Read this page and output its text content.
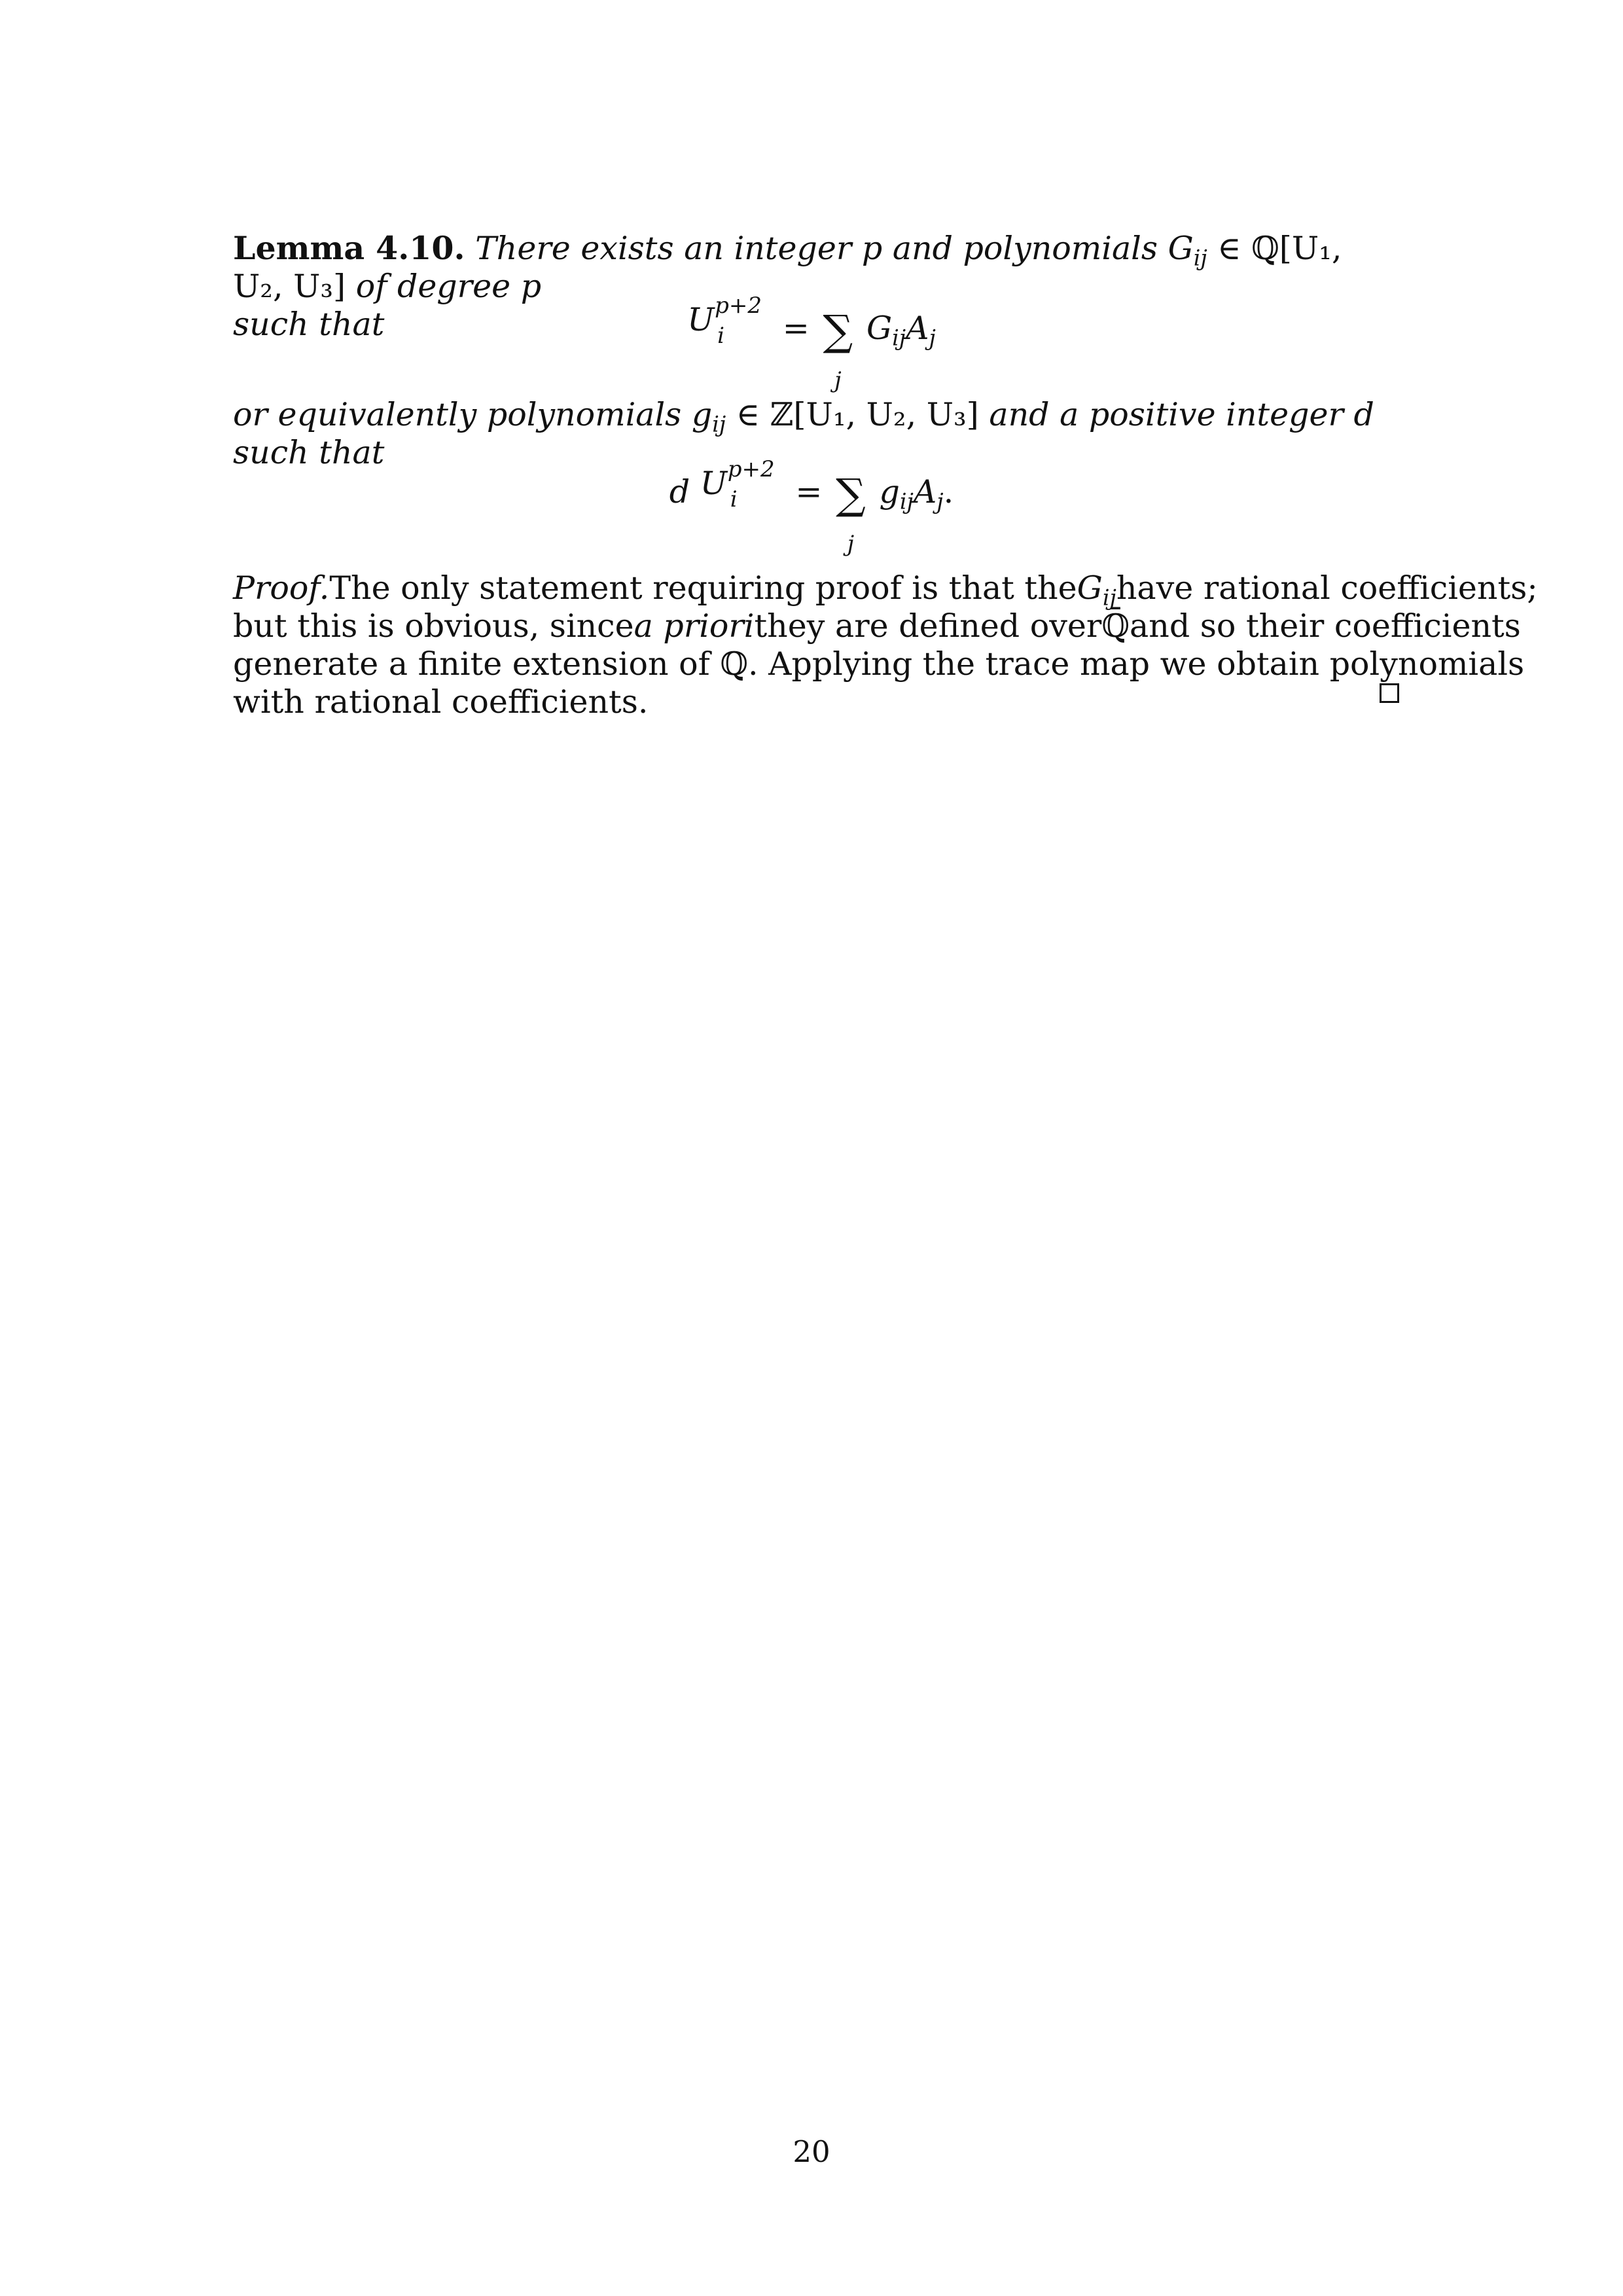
Lemma 4.10. There exists an integer p and polynomials $G_{ij}$ ∈ ℚ[U₁, U₂, U₃] of degree p
such that	U p+2
i = ∑
j
$G_{ij}A_j$
or equivalently polynomials $g_{ij}$ ∈ ℤ[U₁, U₂, U₃] and a positive integer d such that
d U p+2
i = ∑
j
$g_{ij}A_j$.
Proof. The only statement requiring proof is that the $G_{ij}$ have rational coefficients;
but this is obvious, since a priori they are defined over ℚ̄ and so their coefficients
generate a finite extension of ℚ. Applying the trace map we obtain polynomials
with rational coefficients.
20
